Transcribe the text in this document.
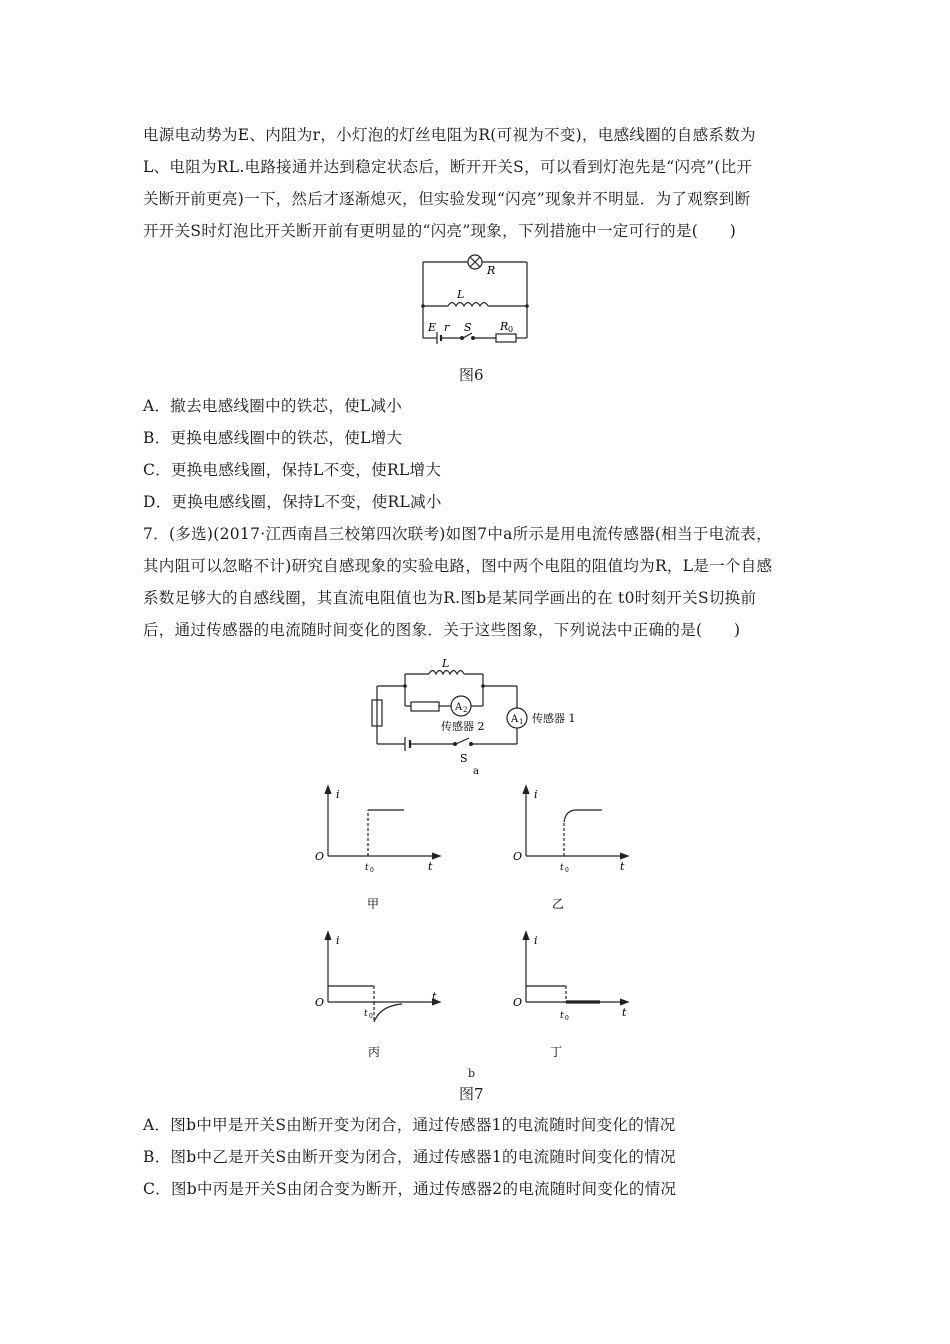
电源电动势为E、内阻为r，小灯泡的灯丝电阻为R(可视为不变)，电感线圈的自感系数为
L、电阻为RL.电路接通并达到稳定状态后，断开开关S，可以看到灯泡先是“闪亮”(比开
关断开前更亮)一下，然后才逐渐熄灭，但实验发现“闪亮”现象并不明显．为了观察到断
开开关S时灯泡比开关断开前有更明显的“闪亮”现象，下列措施中一定可行的是(　　)
R
L
E r S	R 0
图6
A．撤去电感线圈中的铁芯，使L减小
B．更换电感线圈中的铁芯，使L增大
C．更换电感线圈，保持L不变，使RL增大
D．更换电感线圈，保持L不变，使RL减小
7．(多选)(2017·江西南昌三校第四次联考)如图7中a所示是用电流传感器(相当于电流表，
其内阻可以忽略不计)研究自感现象的实验电路，图中两个电阻的阻值均为R，L是一个自感
系数足够大的自感线圈，其直流电阻值也为R.图b是某同学画出的在 t0时刻开关S切换前
后，通过传感器的电流随时间变化的图象．关于这些图象，下列说法中正确的是(　　)
L
A 2
A 1
传感器 2
传感器 1
S
a
i
t
O
t 0
甲
i
t
O
t 0
乙
i
t
O
t 0
丙
i
t
O
t 0
丁
b
图7
A．图b中甲是开关S由断开变为闭合，通过传感器1的电流随时间变化的情况
B．图b中乙是开关S由断开变为闭合，通过传感器1的电流随时间变化的情况
C．图b中丙是开关S由闭合变为断开，通过传感器2的电流随时间变化的情况
